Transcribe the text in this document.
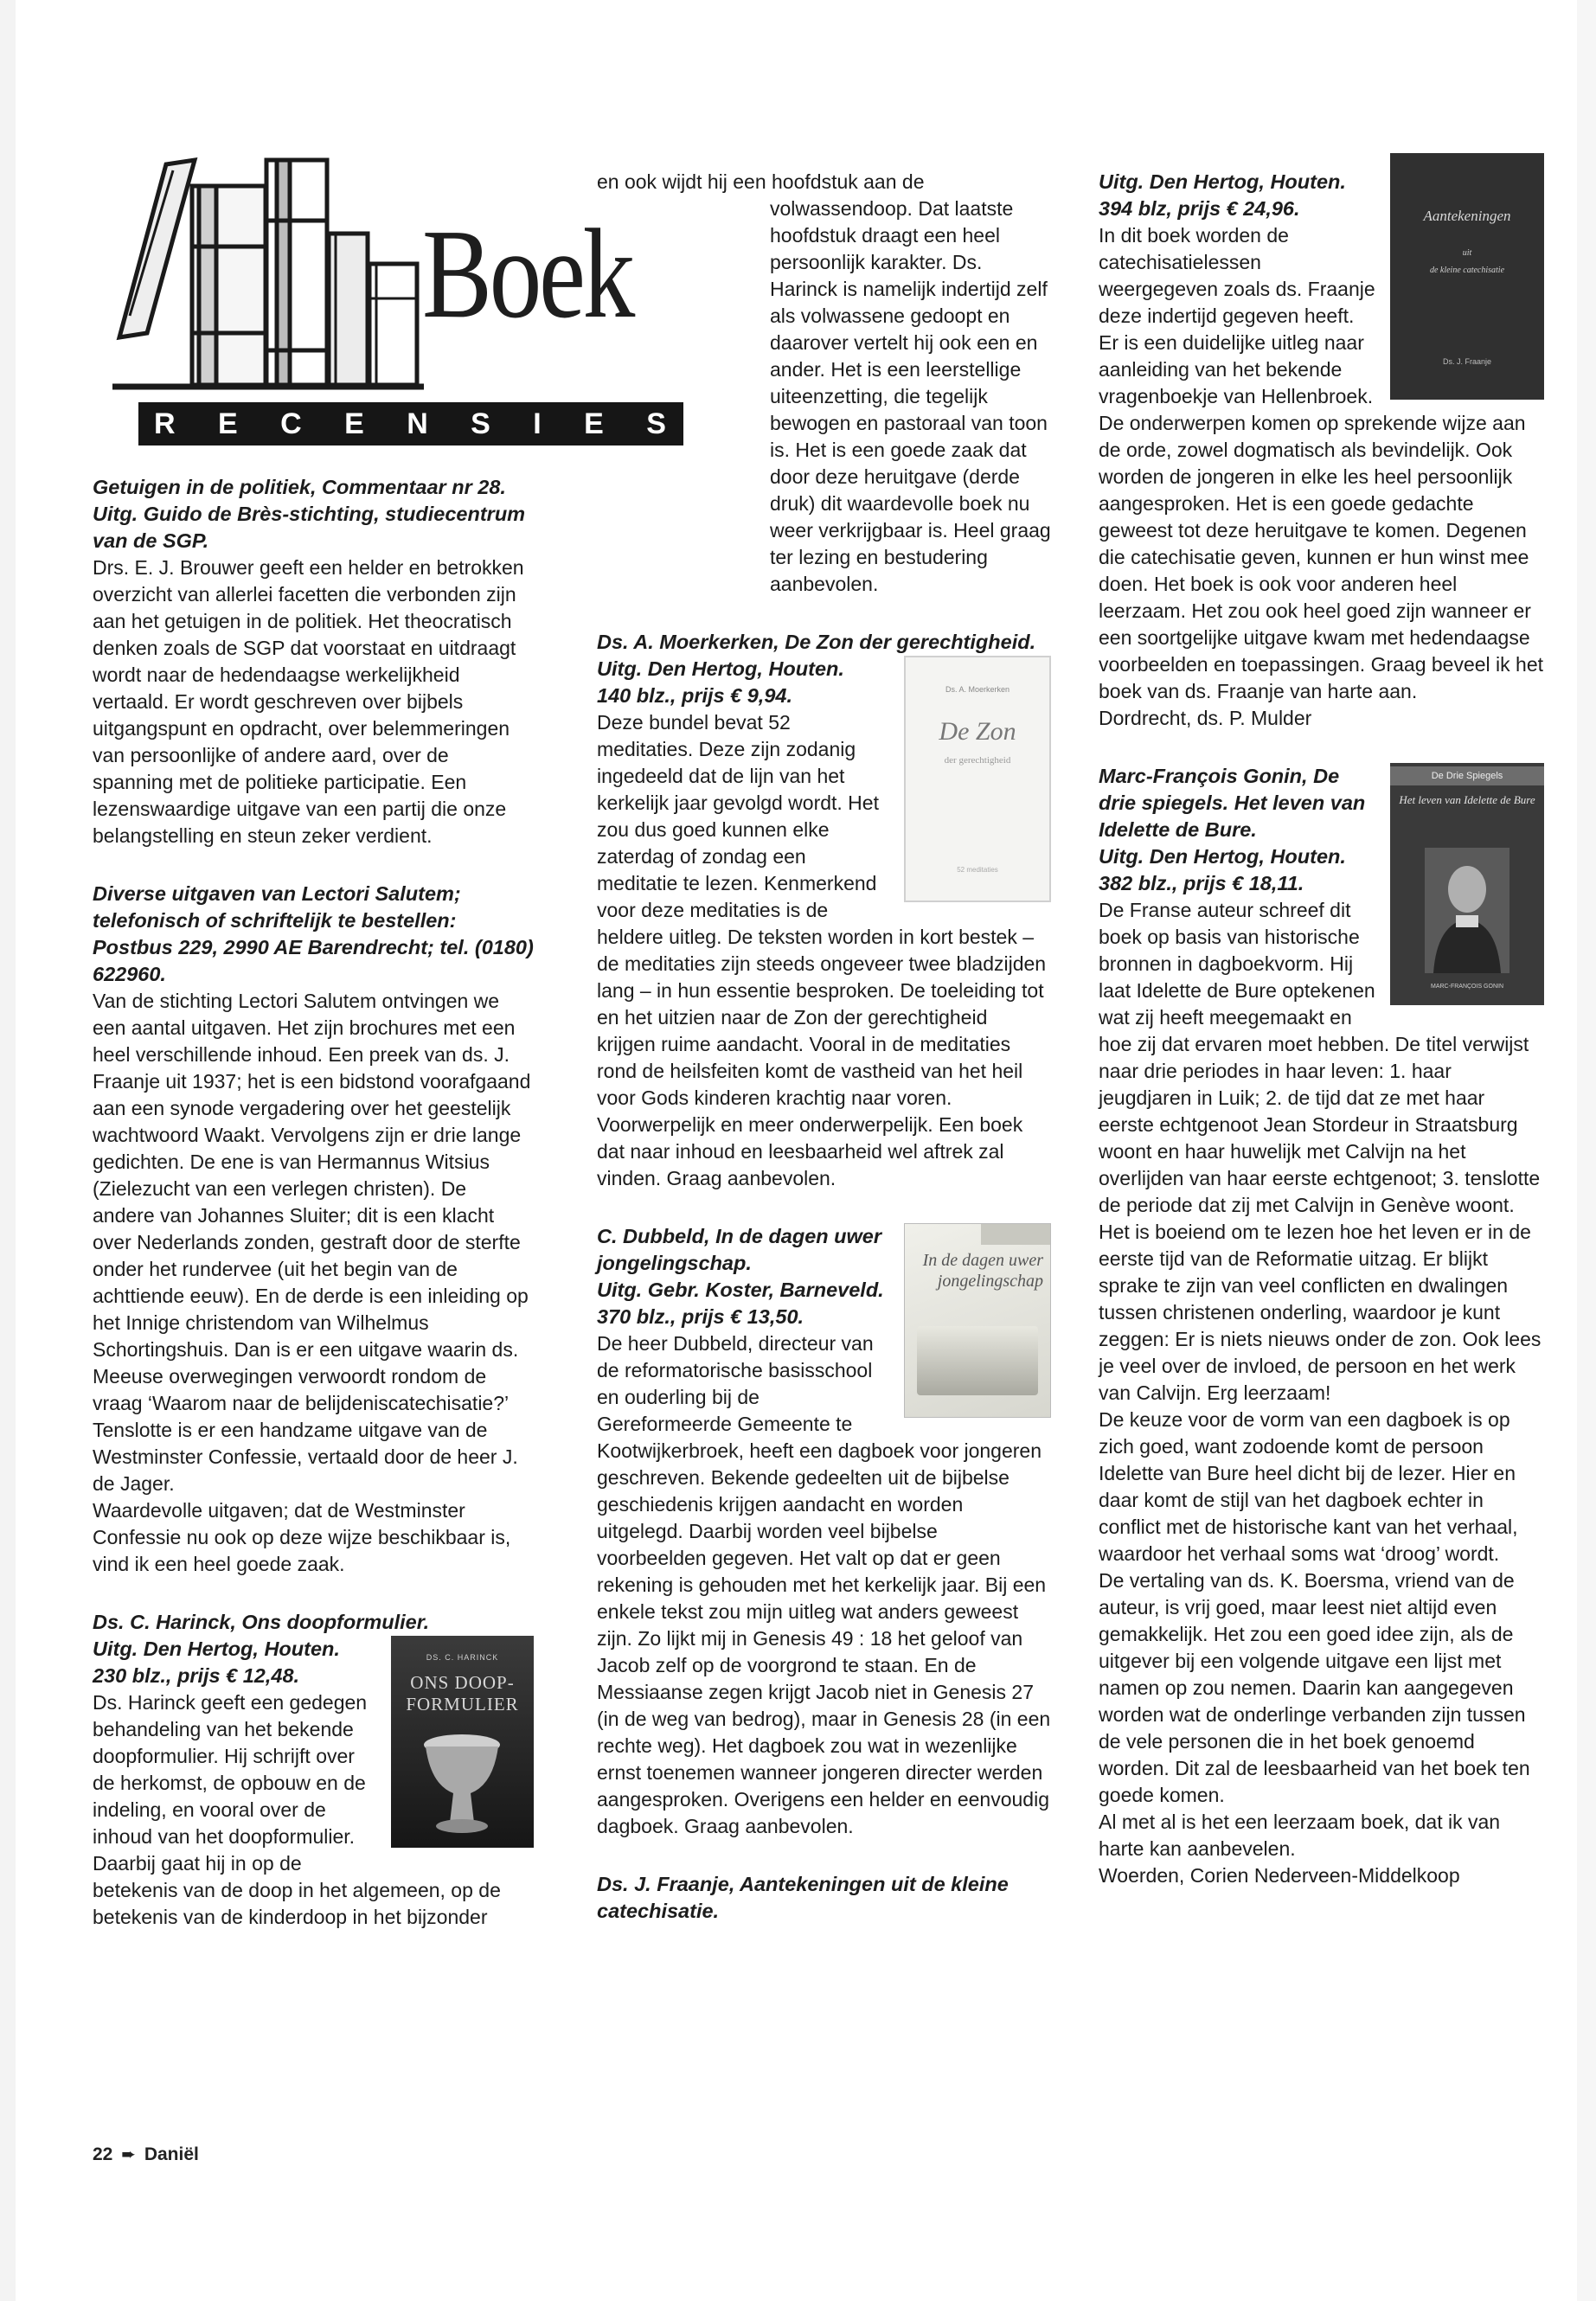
Boek
R E C E N S I E S

Getuigen in de politiek, Commentaar nr 28. Uitg. Guido de Brès-stichting, studiecentrum van de SGP.

Drs. E. J. Brouwer geeft een helder en betrokken overzicht van allerlei facetten die verbonden zijn aan het getuigen in de politiek. Het theocratisch denken zoals de SGP dat voorstaat en uitdraagt wordt naar de hedendaagse werkelijkheid vertaald. Er wordt geschreven over bijbels uitgangspunt en opdracht, over belemmeringen van persoonlijke of andere aard, over de spanning met de politieke participatie. Een lezenswaardige uitgave van een partij die onze belangstelling en steun zeker verdient.

Diverse uitgaven van Lectori Salutem; telefonisch of schriftelijk te bestellen: Postbus 229, 2990 AE Barendrecht; tel. (0180) 622960.

Van de stichting Lectori Salutem ontvingen we een aantal uitgaven. Het zijn brochures met een heel verschillende inhoud. Een preek van ds. J. Fraanje uit 1937; het is een bidstond voorafgaand aan een synode vergadering over het geestelijk wachtwoord Waakt. Vervolgens zijn er drie lange gedichten. De ene is van Hermannus Witsius (Zielezucht van een verlegen christen). De andere van Johannes Sluiter; dit is een klacht over Nederlands zonden, gestraft door de sterfte onder het rundervee (uit het begin van de achttiende eeuw). En de derde is een inleiding op het Innige christendom van Wilhelmus Schortingshuis. Dan is er een uitgave waarin ds. Meeuse overwegingen verwoordt rondom de vraag ‘Waarom naar de belijdeniscatechisatie?’ Tenslotte is er een handzame uitgave van de Westminster Confessie, vertaald door de heer J. de Jager.

Waardevolle uitgaven; dat de Westminster Confessie nu ook op deze wijze beschikbaar is, vind ik een heel goede zaak.

Ds. C. Harinck, Ons doopformulier.

DS. C. HARINCK
ONS DOOP-FORMULIER

Uitg. Den Hertog, Houten.

230 blz., prijs € 12,48.

Ds. Harinck geeft een gedegen behandeling van het bekende doopformulier. Hij schrijft over de herkomst, de opbouw en de indeling, en vooral over de inhoud van het doopformulier. Daarbij gaat hij in op de betekenis van de doop in het algemeen, op de betekenis van de kinderdoop in het bijzonder

en ook wijdt hij een hoofdstuk aan de volwassendoop. Dat laatste hoofdstuk draagt een heel persoonlijk karakter. Ds. Harinck is namelijk indertijd zelf als volwassene gedoopt en daarover vertelt hij ook een en ander. Het is een leerstellige uiteenzetting, die tegelijk bewogen en pastoraal van toon is. Het is een goede zaak dat door deze heruitgave (derde druk) dit waardevolle boek nu weer verkrijgbaar is. Heel graag ter lezing en bestudering aanbevolen.

Ds. A. Moerkerken, De Zon der gerechtigheid.

Ds. A. Moerkerken
De Zon
der gerechtigheid
52 meditaties

Uitg. Den Hertog, Houten.

140 blz., prijs € 9,94.

Deze bundel bevat 52 meditaties. Deze zijn zodanig ingedeeld dat de lijn van het kerkelijk jaar gevolgd wordt. Het zou dus goed kunnen elke zaterdag of zondag een meditatie te lezen. Kenmerkend voor deze meditaties is de heldere uitleg. De teksten worden in kort bestek – de meditaties zijn steeds ongeveer twee bladzijden lang – in hun essentie besproken. De toeleiding tot en het uitzien naar de Zon der gerechtigheid krijgen ruime aandacht. Vooral in de meditaties rond de heilsfeiten komt de vastheid van het heil voor Gods kinderen krachtig naar voren. Voorwerpelijk en meer onderwerpelijk. Een boek dat naar inhoud en leesbaarheid wel aftrek zal vinden. Graag aanbevolen.

In de dagen uwer jongelingschap

C. Dubbeld, In de dagen uwer jongelingschap.

Uitg. Gebr. Koster, Barneveld.

370 blz., prijs € 13,50.

De heer Dubbeld, directeur van de reformatorische basisschool en ouderling bij de Gereformeerde Gemeente te Kootwijkerbroek, heeft een dagboek voor jongeren geschreven. Bekende gedeelten uit de bijbelse geschiedenis krijgen aandacht en worden uitgelegd. Daarbij worden veel bijbelse voorbeelden gegeven. Het valt op dat er geen rekening is gehouden met het kerkelijk jaar. Bij een enkele tekst zou mijn uitleg wat anders geweest zijn. Zo lijkt mij in Genesis 49 : 18 het geloof van Jacob zelf op de voorgrond te staan. En de Messiaanse zegen krijgt Jacob niet in Genesis 27 (in de weg van bedrog), maar in Genesis 28 (in een rechte weg). Het dagboek zou wat in wezenlijke ernst toenemen wanneer jongeren directer werden aangesproken. Overigens een helder en eenvoudig dagboek. Graag aanbevolen.

Ds. J. Fraanje, Aantekeningen uit de kleine catechisatie.

Aantekeningen
uit
de kleine catechisatie
Ds. J. Fraanje

Uitg. Den Hertog, Houten.

394 blz, prijs € 24,96.

In dit boek worden de catechisatielessen weergegeven zoals ds. Fraanje deze indertijd gegeven heeft. Er is een duidelijke uitleg naar aanleiding van het bekende vragenboekje van Hellenbroek. De onderwerpen komen op sprekende wijze aan de orde, zowel dogmatisch als bevindelijk. Ook worden de jongeren in elke les heel persoonlijk aangesproken. Het is een goede gedachte geweest tot deze heruitgave te komen. Degenen die catechisatie geven, kunnen er hun winst mee doen. Het boek is ook voor anderen heel leerzaam. Het zou ook heel goed zijn wanneer er een soortgelijke uitgave kwam met hedendaagse voorbeelden en toepassingen. Graag beveel ik het boek van ds. Fraanje van harte aan.

Dordrecht, ds. P. Mulder

De Drie Spiegels
Het leven van Idelette de Bure
MARC-FRANÇOIS GONIN

Marc-François Gonin, De drie spiegels. Het leven van Idelette de Bure.

Uitg. Den Hertog, Houten.

382 blz., prijs € 18,11.

De Franse auteur schreef dit boek op basis van historische bronnen in dagboekvorm. Hij laat Idelette de Bure optekenen wat zij heeft meegemaakt en hoe zij dat ervaren moet hebben. De titel verwijst naar drie periodes in haar leven: 1. haar jeugdjaren in Luik; 2. de tijd dat ze met haar eerste echtgenoot Jean Stordeur in Straatsburg woont en haar huwelijk met Calvijn na het overlijden van haar eerste echtgenoot; 3. tenslotte de periode dat zij met Calvijn in Genève woont.

Het is boeiend om te lezen hoe het leven er in de eerste tijd van de Reformatie uitzag. Er blijkt sprake te zijn van veel conflicten en dwalingen tussen christenen onderling, waardoor je kunt zeggen: Er is niets nieuws onder de zon. Ook lees je veel over de invloed, de persoon en het werk van Calvijn. Erg leerzaam!

De keuze voor de vorm van een dagboek is op zich goed, want zodoende komt de persoon Idelette van Bure heel dicht bij de lezer. Hier en daar komt de stijl van het dagboek echter in conflict met de historische kant van het verhaal, waardoor het verhaal soms wat ‘droog’ wordt.

De vertaling van ds. K. Boersma, vriend van de auteur, is vrij goed, maar leest niet altijd even gemakkelijk. Het zou een goed idee zijn, als de uitgever bij een volgende uitgave een lijst met namen op zou nemen. Daarin kan aangegeven worden wat de onderlinge verbanden zijn tussen de vele personen die in het boek genoemd worden. Dit zal de leesbaarheid van het boek ten goede komen.

Al met al is het een leerzaam boek, dat ik van harte kan aanbevelen.

Woerden, Corien Nederveen-Middelkoop

22 ➨ Daniël
